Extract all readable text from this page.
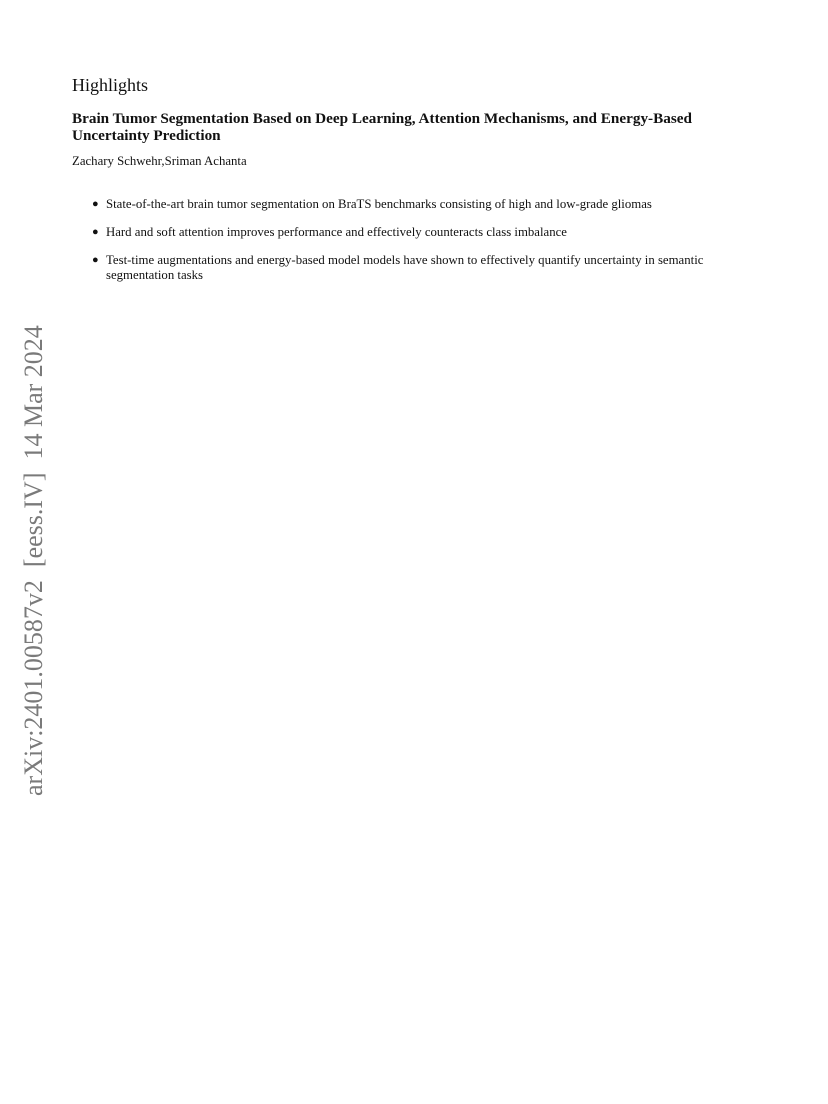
Highlights
Brain Tumor Segmentation Based on Deep Learning, Attention Mechanisms, and Energy-Based Uncertainty Prediction
Zachary Schwehr,Sriman Achanta
● State-of-the-art brain tumor segmentation on BraTS benchmarks consisting of high and low-grade gliomas
● Hard and soft attention improves performance and effectively counteracts class imbalance
● Test-time augmentations and energy-based model models have shown to effectively quantify uncertainty in semantic segmentation tasks
arXiv:2401.00587v2  [eess.IV]  14 Mar 2024
